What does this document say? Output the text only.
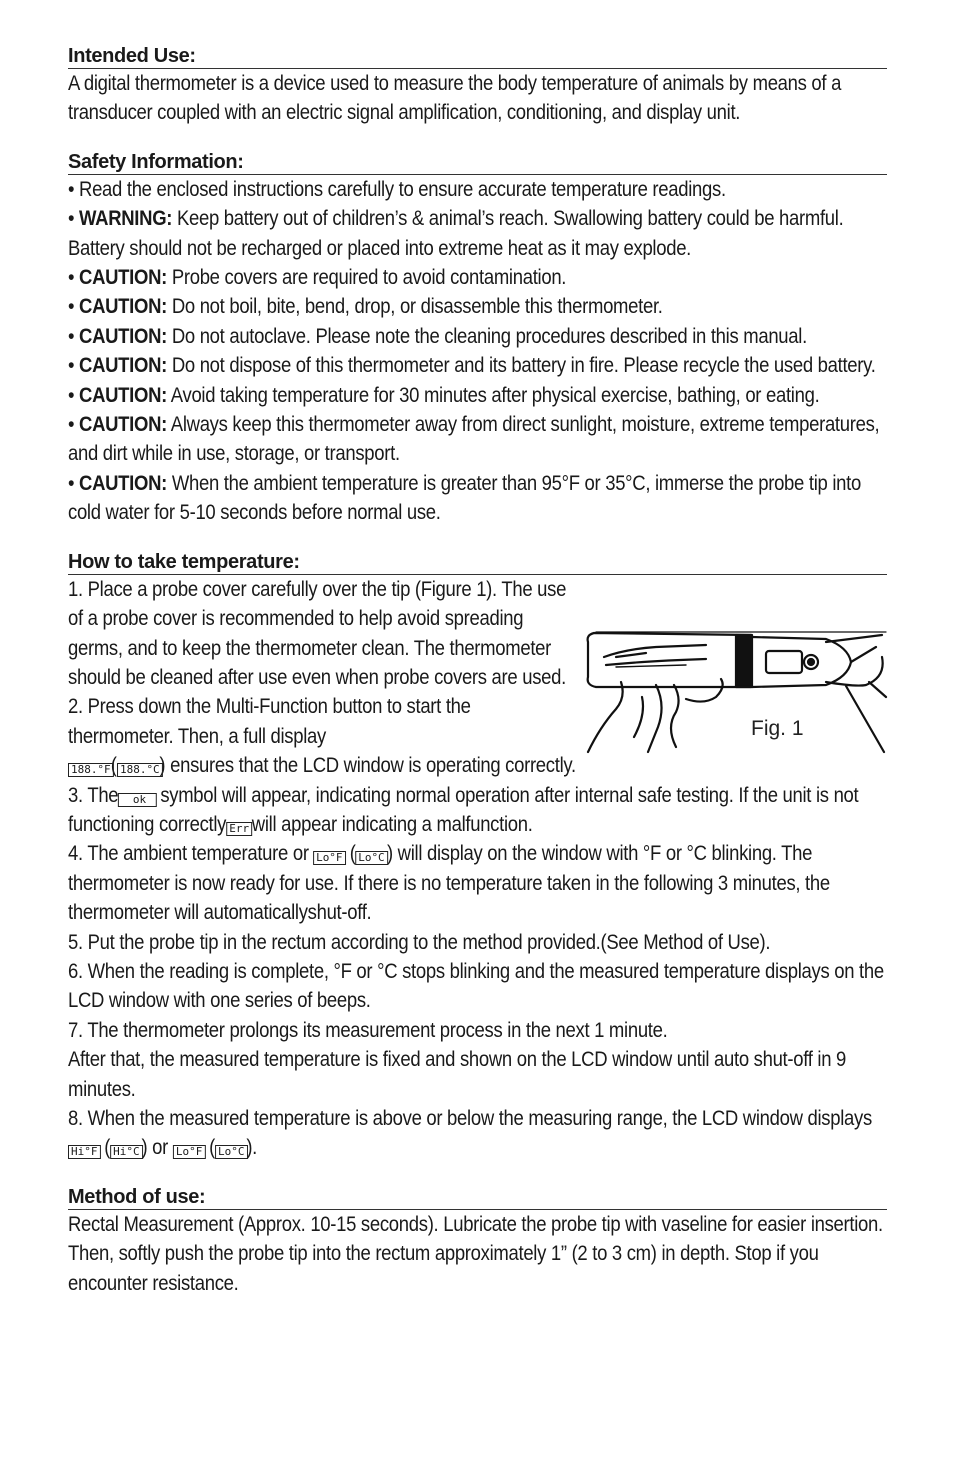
Intended Use:

A digital thermometer is a device used to measure the body temperature of animals by means of a transducer coupled with an electric signal amplification, conditioning, and display unit.

Safety Information:

• Read the enclosed instructions carefully to ensure accurate temperature readings.

• WARNING: Keep battery out of children’s & animal’s reach. Swallowing battery could be harmful. Battery should not be recharged or placed into extreme heat as it may explode.

• CAUTION: Probe covers are required to avoid contamination.

• CAUTION: Do not boil, bite, bend, drop, or disassemble this thermometer.

• CAUTION: Do not autoclave. Please note the cleaning procedures described in this manual.

• CAUTION: Do not dispose of this thermometer and its battery in fire. Please recycle the used battery.

• CAUTION: Avoid taking temperature for 30 minutes after physical exercise, bathing, or eating.

• CAUTION: Always keep this thermometer away from direct sunlight, moisture, extreme temperatures, and dirt while in use, storage, or transport.

• CAUTION: When the ambient temperature is greater than 95°F or 35°C, immerse the probe tip into cold water for 5-10 seconds before normal use.

How to take temperature:

1. Place a probe cover carefully over the tip (Figure 1). The use of a probe cover is recommended to help avoid spreading germs, and to keep the thermometer clean. The thermometer should be cleaned after use even when probe covers are used.

2. Press down the Multi-Function button to start the thermometer. Then, a full display

188.°F( 188.°C) ensures that the LCD window is operating correctly.

3. The ok symbol will appear, indicating normal operation after internal safe testing. If the unit is not functioning correctly Err will appear indicating a malfunction.

4. The ambient temperature or Lo°F ( Lo°C) will display on the window with °F or °C blinking. The thermometer is now ready for use. If there is no temperature taken in the following 3 minutes, the thermometer will automaticallyshut-off.

5. Put the probe tip in the rectum according to the method provided.(See Method of Use).

6. When the reading is complete, °F or °C stops blinking and the measured temperature displays on the LCD window with one series of beeps.

7. The thermometer prolongs its measurement process in the next 1 minute.

After that, the measured temperature is fixed and shown on the LCD window until auto shut-off in 9 minutes.

8. When the measured temperature is above or below the measuring range, the LCD window displays Hi°F ( Hi°C) or Lo°F ( Lo°C).

Method of use:

Rectal Measurement (Approx. 10-15 seconds). Lubricate the probe tip with vaseline for easier insertion. Then, softly push the probe tip into the rectum approximately 1” (2 to 3 cm) in depth. Stop if you encounter resistance.

Fig. 1
